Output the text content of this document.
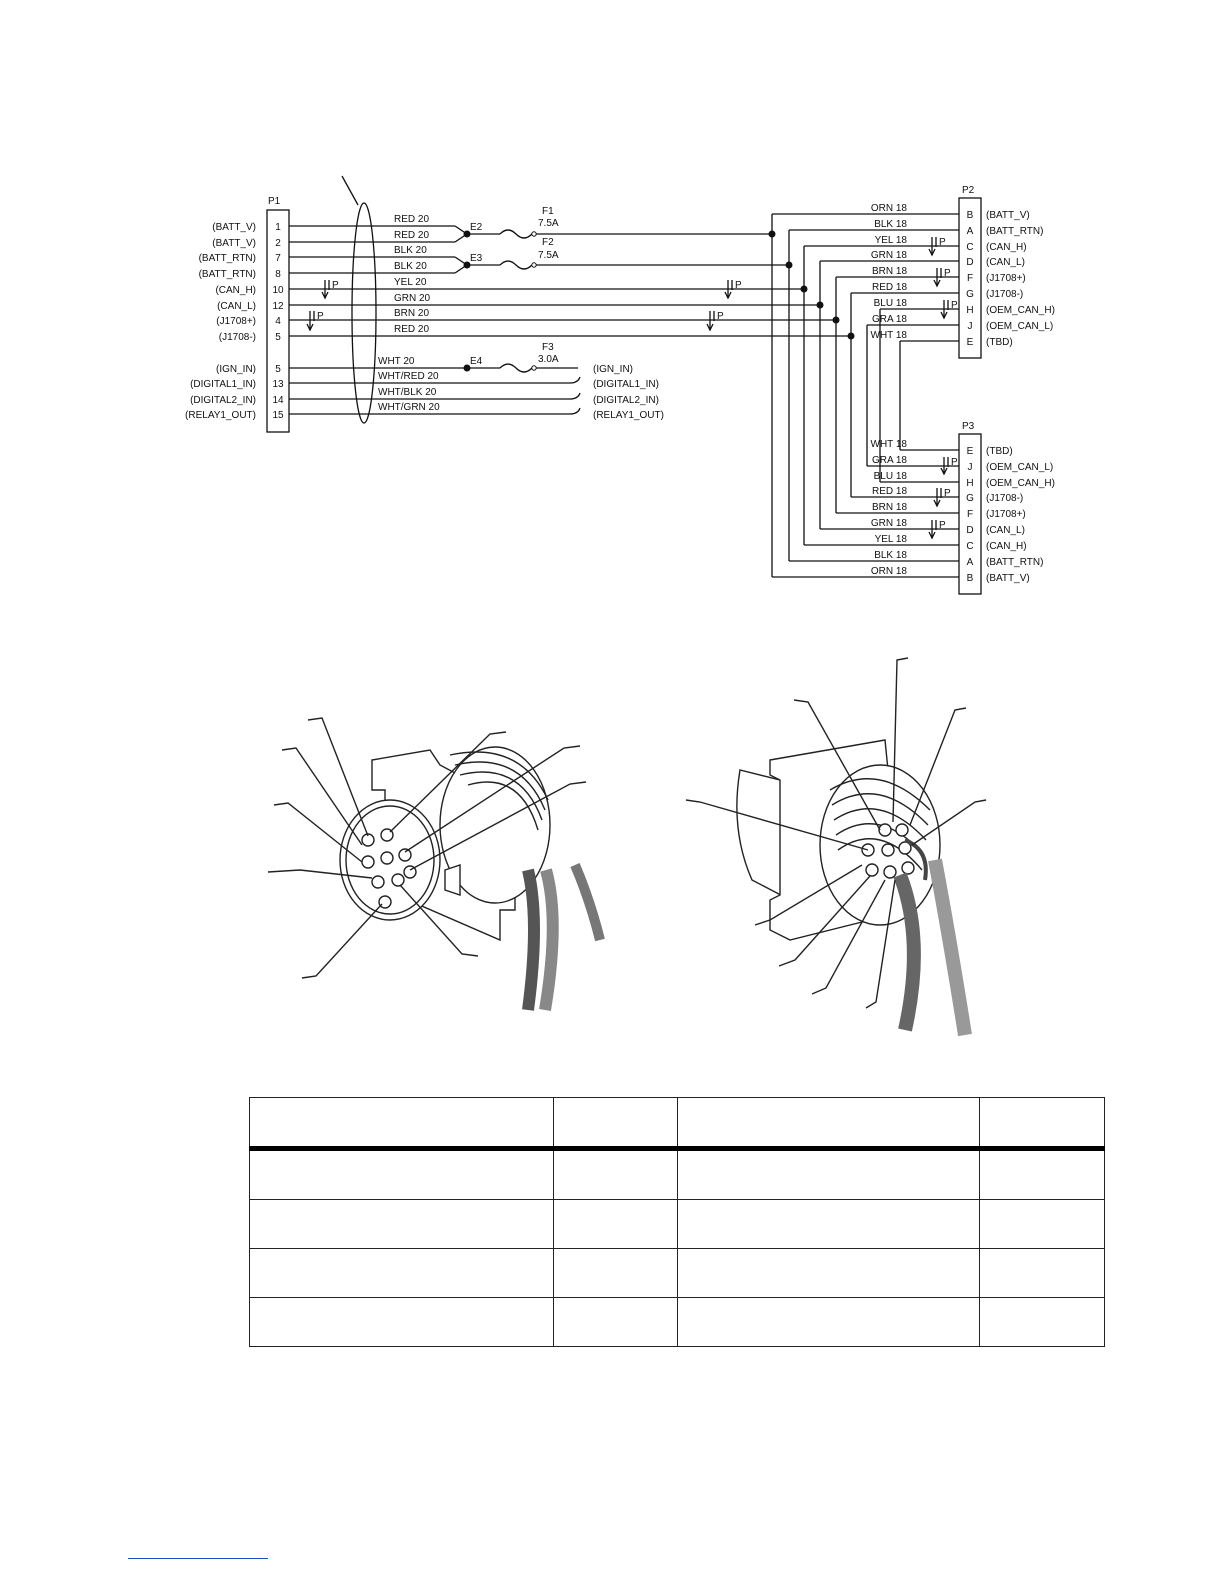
P1
(BATT_V) 1
(BATT_V) 2
(BATT_RTN) 7
(BATT_RTN) 8
(CAN_H) 10
(CAN_L) 12
(J1708+) 4
(J1708-) 5
(IGN_IN) 5
(DIGITAL1_IN) 13
(DIGITAL2_IN) 14
(RELAY1_OUT) 15
RED 20
RED 20
BLK 20
BLK 20
YEL 20
GRN 20
BRN 20
RED 20
WHT 20
WHT/RED 20
WHT/BLK 20
WHT/GRN 20
E2
F1
7.5A
E3
F2
7.5A
P	P
P	P
E4
F3
3.0A
(IGN_IN)
(DIGITAL1_IN)
(DIGITAL2_IN)
(RELAY1_OUT)
P2
P3
ORN 18
B (BATT_V)
BLK 18
A (BATT_RTN)
YEL 18
C (CAN_H)
GRN 18
D (CAN_L)
BRN 18
F (J1708+)
RED 18
G (J1708-)
BLU 18
H (OEM_CAN_H)
GRA 18
J (OEM_CAN_L)
WHT 18
E (TBD)
WHT 18
E (TBD)
GRA 18
J (OEM_CAN_L)
BLU 18
H (OEM_CAN_H)
RED 18
G (J1708-)
BRN 18
F (J1708+)
GRN 18
D (CAN_L)
YEL 18
C (CAN_H)
BLK 18
A (BATT_RTN)
ORN 18
B (BATT_V)
P
P
P
P
P
P
